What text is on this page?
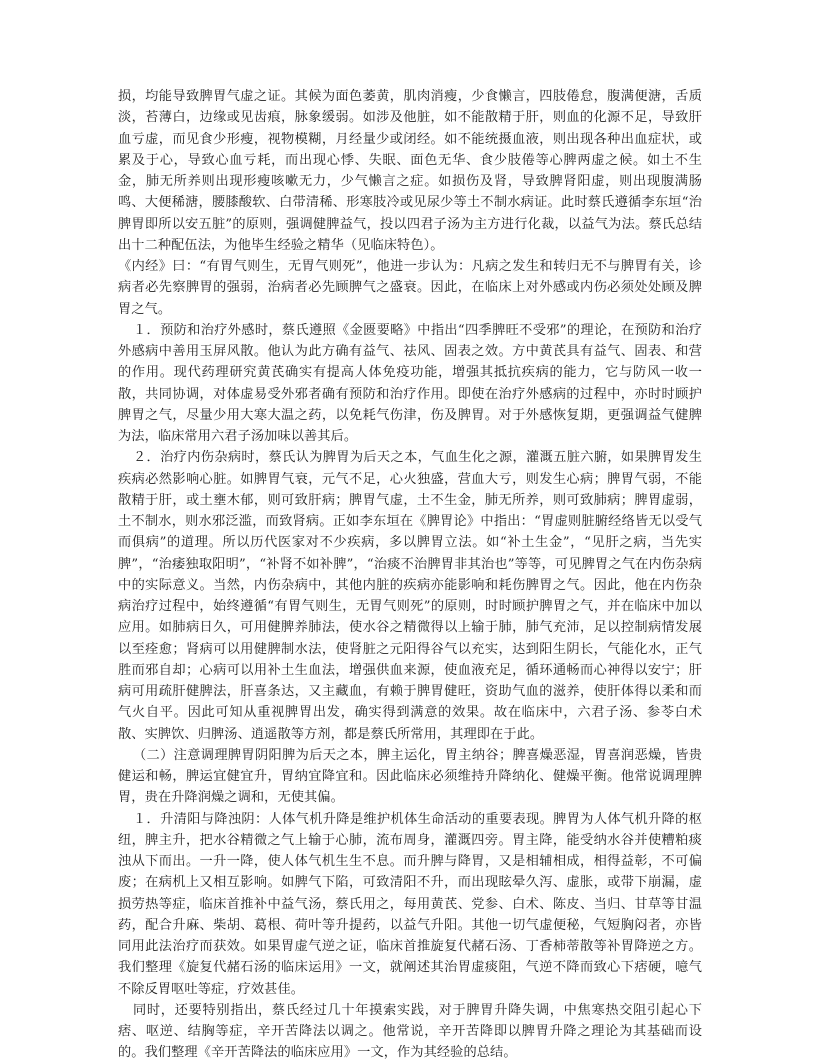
损，均能导致脾胃气虚之证。其候为面色萎黄，肌肉消瘦，少食懒言，四肢倦怠，腹满便溏，舌质淡，苔薄白，边缘或见齿痕，脉象缓弱。如涉及他脏，如不能散精于肝，则血的化源不足，导致肝血亏虚，而见食少形瘦，视物模糊，月经量少或闭经。如不能统摄血液，则出现各种出血症状，或累及于心，导致心血亏耗，而出现心悸、失眠、面色无华、食少肢倦等心脾两虚之候。如土不生金，肺无所养则出现形瘦咳嗽无力，少气懒言之症。如损伤及肾，导致脾肾阳虚，则出现腹满肠鸣、大便稀溏，腰膝酸软、白带清稀、形寒肢冷或见尿少等土不制水病证。此时蔡氏遵循李东垣“治脾胃即所以安五脏”的原则，强调健脾益气，投以四君子汤为主方进行化裁，以益气为法。蔡氏总结出十二种配伍法，为他毕生经验之精华（见临床特色）。

《内经》曰：“有胃气则生，无胃气则死”，他进一步认为：凡病之发生和转归无不与脾胃有关，诊病者必先察脾胃的强弱，治病者必先顾脾气之盛衰。因此，在临床上对外感或内伤必须处处顾及脾胃之气。

１．预防和治疗外感时，蔡氏遵照《金匮要略》中指出“四季脾旺不受邪”的理论，在预防和治疗外感病中善用玉屏风散。他认为此方确有益气、祛风、固表之效。方中黄芪具有益气、固表、和营的作用。现代药理研究黄芪确实有提高人体免疫功能，增强其抵抗疾病的能力，它与防风一收一散，共同协调，对体虚易受外邪者确有预防和治疗作用。即使在治疗外感病的过程中，亦时时顾护脾胃之气，尽量少用大寒大温之药，以免耗气伤津，伤及脾胃。对于外感恢复期，更强调益气健脾为法，临床常用六君子汤加味以善其后。

２．治疗内伤杂病时，蔡氏认为脾胃为后天之本，气血生化之源，灌溉五脏六腑，如果脾胃发生疾病必然影响心脏。如脾胃气衰，元气不足，心火独盛，营血大亏，则发生心病；脾胃气弱，不能散精于肝，或土壅木郁，则可致肝病；脾胃气虚，土不生金，肺无所养，则可致肺病；脾胃虚弱，土不制水，则水邪泛滥，而致肾病。正如李东垣在《脾胃论》中指出：“胃虚则脏腑经络皆无以受气而俱病”的道理。所以历代医家对不少疾病，多以脾胃立法。如“补土生金”，“见肝之病，当先实脾”，“治痿独取阳明”，“补肾不如补脾”，“治痰不治脾胃非其治也”等等，可见脾胃之气在内伤杂病中的实际意义。当然，内伤杂病中，其他内脏的疾病亦能影响和耗伤脾胃之气。因此，他在内伤杂病治疗过程中，始终遵循“有胃气则生，无胃气则死”的原则，时时顾护脾胃之气，并在临床中加以应用。如肺病日久，可用健脾养肺法，使水谷之精微得以上输于肺，肺气充沛，足以控制病情发展以至痊愈；肾病可以用健脾制水法，使肾脏之元阳得谷气以充实，达到阳生阴长，气能化水，正气胜而邪自却；心病可以用补土生血法，增强供血来源，使血液充足，循环通畅而心神得以安宁；肝病可用疏肝健脾法，肝喜条达，又主藏血，有赖于脾胃健旺，资助气血的滋养，使肝体得以柔和而气火自平。因此可知从重视脾胃出发，确实得到满意的效果。故在临床中，六君子汤、参苓白术散、实脾饮、归脾汤、逍遥散等方剂，都是蔡氏所常用，其理即在于此。

（二）注意调理脾胃阴阳脾为后天之本，脾主运化，胃主纳谷；脾喜燥恶湿，胃喜润恶燥，皆贵健运和畅，脾运宜健宜升，胃纳宜降宜和。因此临床必须维持升降纳化、健燥平衡。他常说调理脾胃，贵在升降润燥之调和，无使其偏。

１．升清阳与降浊阴：人体气机升降是维护机体生命活动的重要表现。脾胃为人体气机升降的枢纽，脾主升，把水谷精微之气上输于心肺，流布周身，灌溉四旁。胃主降，能受纳水谷并使糟粕痰浊从下而出。一升一降，使人体气机生生不息。而升脾与降胃，又是相辅相成，相得益彰，不可偏废；在病机上又相互影响。如脾气下陷，可致清阳不升，而出现眩晕久泻、虚胀，或带下崩漏，虚损劳热等症，临床首推补中益气汤，蔡氏用之，每用黄芪、党参、白术、陈皮、当归、甘草等甘温药，配合升麻、柴胡、葛根、荷叶等升提药，以益气升阳。其他一切气虚便秘，气短胸闷者，亦皆同用此法治疗而获效。如果胃虚气逆之证，临床首推旋复代赭石汤、丁香柿蒂散等补胃降逆之方。我们整理《旋复代赭石汤的临床运用》一文，就阐述其治胃虚痰阻，气逆不降而致心下痞硬，噫气不除反胃呕吐等症，疗效甚佳。

同时，还要特别指出，蔡氏经过几十年摸索实践，对于脾胃升降失调，中焦寒热交阻引起心下痞、呕逆、结胸等症，辛开苦降法以调之。他常说，辛开苦降即以脾胃升降之理论为其基础而设的。我们整理《辛开苦降法的临床应用》一文，作为其经验的总结。
